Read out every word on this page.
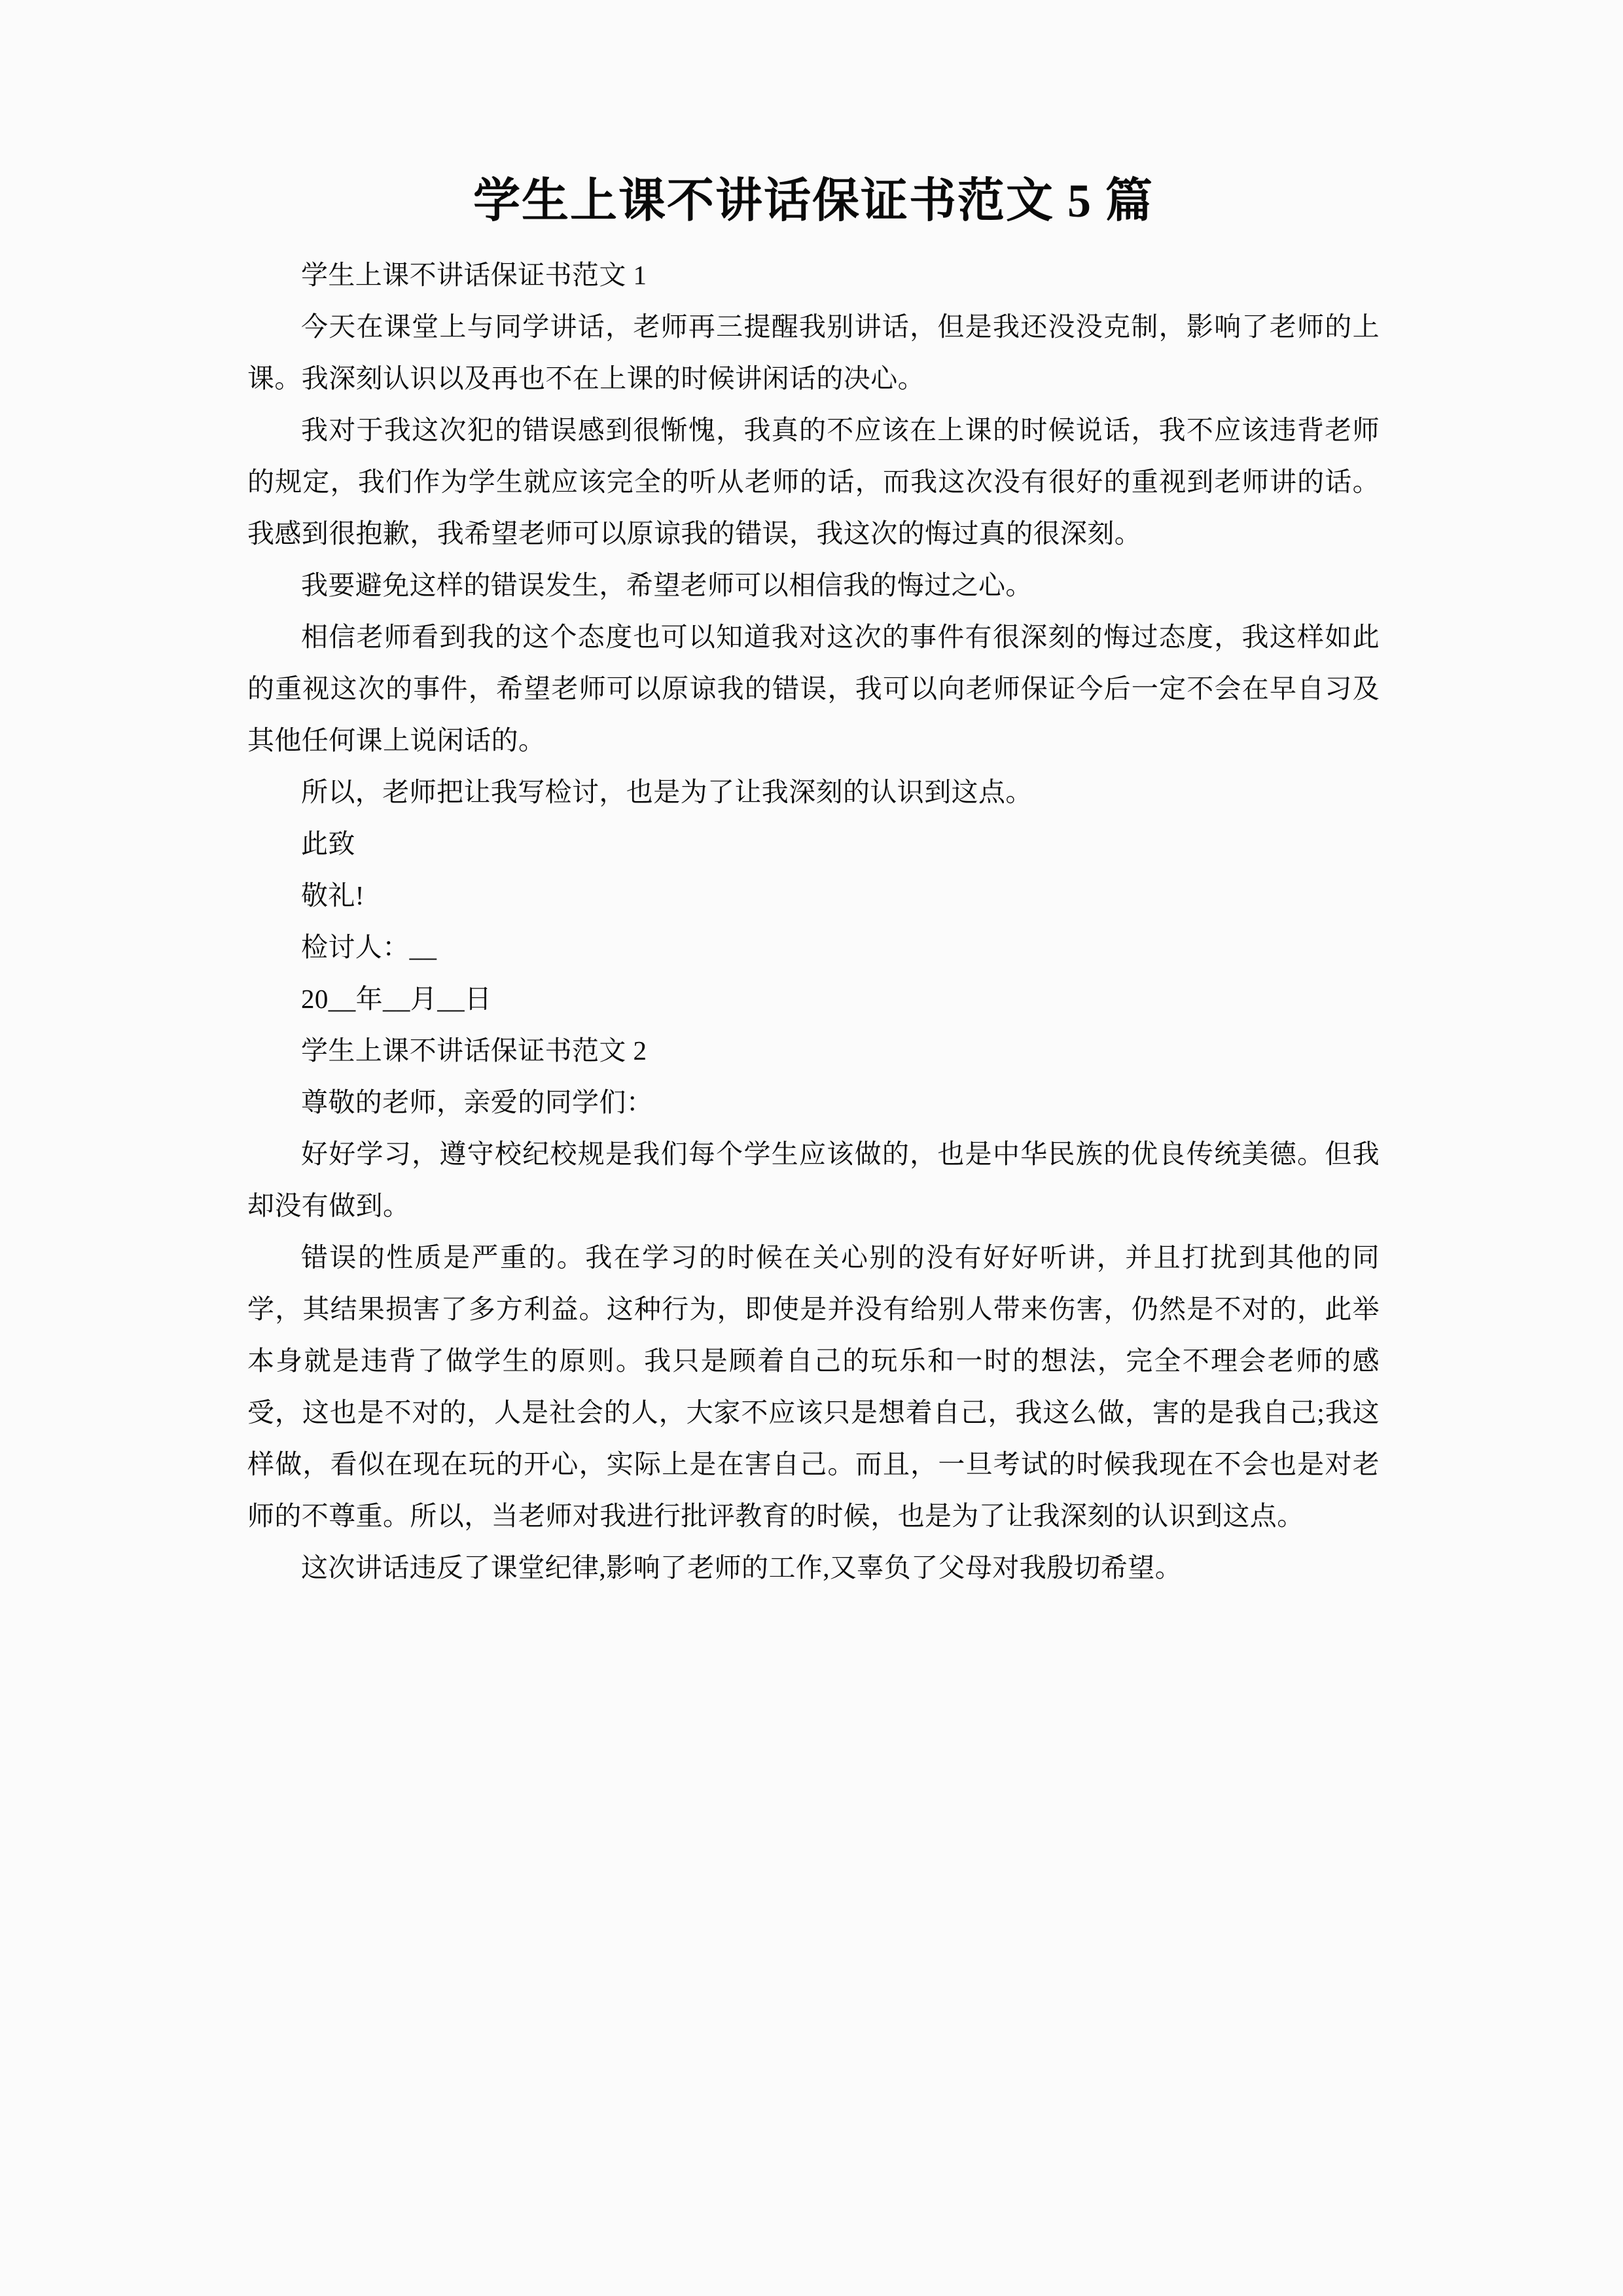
学生上课不讲话保证书范文 5 篇

学生上课不讲话保证书范文 1

今天在课堂上与同学讲话，老师再三提醒我别讲话，但是我还没没克制，影响了老师的上课。我深刻认识以及再也不在上课的时候讲闲话的决心。

我对于我这次犯的错误感到很惭愧，我真的不应该在上课的时候说话，我不应该违背老师的规定，我们作为学生就应该完全的听从老师的话，而我这次没有很好的重视到老师讲的话。我感到很抱歉，我希望老师可以原谅我的错误，我这次的悔过真的很深刻。

我要避免这样的错误发生，希望老师可以相信我的悔过之心。

相信老师看到我的这个态度也可以知道我对这次的事件有很深刻的悔过态度，我这样如此的重视这次的事件，希望老师可以原谅我的错误，我可以向老师保证今后一定不会在早自习及其他任何课上说闲话的。

所以，老师把让我写检讨，也是为了让我深刻的认识到这点。

此致

敬礼!

检讨人：__

20__年__月__日

学生上课不讲话保证书范文 2

尊敬的老师，亲爱的同学们：

好好学习，遵守校纪校规是我们每个学生应该做的，也是中华民族的优良传统美德。但我却没有做到。

错误的性质是严重的。我在学习的时候在关心别的没有好好听讲，并且打扰到其他的同学，其结果损害了多方利益。这种行为，即使是并没有给别人带来伤害，仍然是不对的，此举本身就是违背了做学生的原则。我只是顾着自己的玩乐和一时的想法，完全不理会老师的感受，这也是不对的，人是社会的人，大家不应该只是想着自己，我这么做，害的是我自己;我这样做，看似在现在玩的开心，实际上是在害自己。而且，一旦考试的时候我现在不会也是对老师的不尊重。所以，当老师对我进行批评教育的时候，也是为了让我深刻的认识到这点。

这次讲话违反了课堂纪律,影响了老师的工作,又辜负了父母对我殷切希望。
